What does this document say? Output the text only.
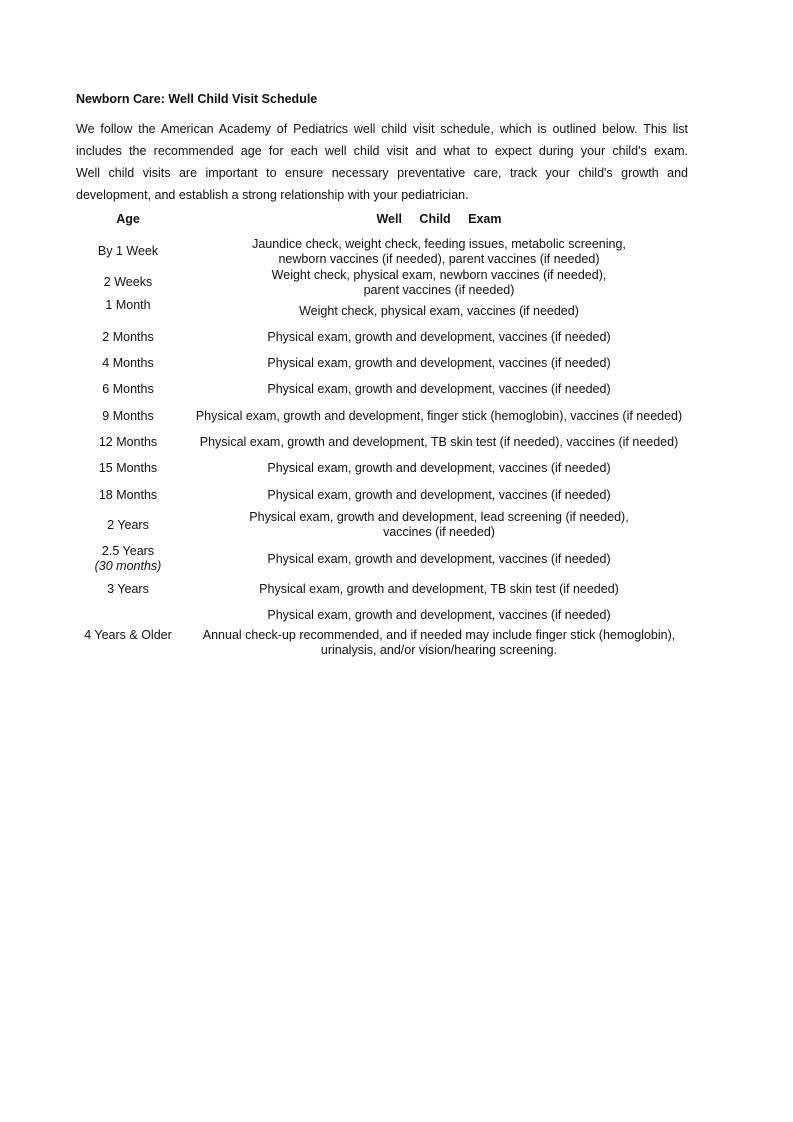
Newborn Care: Well Child Visit Schedule
We follow the American Academy of Pediatrics well child visit schedule, which is outlined below. This list
includes the recommended age for each well child visit and what to expect during your child's exam.
Well child visits are important to ensure necessary preventative care, track your child's growth and
development, and establish a strong relationship with your pediatrician.
Age	Well Child Exam
By 1 Week	Jaundice check, weight check, feeding issues, metabolic screening,
newborn vaccines (if needed), parent vaccines (if needed)

2 Weeks	Weight check, physical exam, newborn vaccines (if needed),
parent vaccines (if needed)

1 Month	Weight check, physical exam, vaccines (if needed)

2 Months	Physical exam, growth and development, vaccines (if needed)

4 Months	Physical exam, growth and development, vaccines (if needed)

6 Months	Physical exam, growth and development, vaccines (if needed)

9 Months	Physical exam, growth and development, finger stick (hemoglobin), vaccines (if needed)

12 Months	Physical exam, growth and development, TB skin test (if needed), vaccines (if needed)

15 Months	Physical exam, growth and development, vaccines (if needed)

18 Months	Physical exam, growth and development, vaccines (if needed)

2 Years	Physical exam, growth and development, lead screening (if needed),
vaccines (if needed)

2.5 Years
(30 months)	Physical exam, growth and development, vaccines (if needed)

3 Years	Physical exam, growth and development, TB skin test (if needed)

	Physical exam, growth and development, vaccines (if needed)

4 Years & Older	Annual check-up recommended, and if needed may include finger stick (hemoglobin),
urinalysis, and/or vision/hearing screening.
